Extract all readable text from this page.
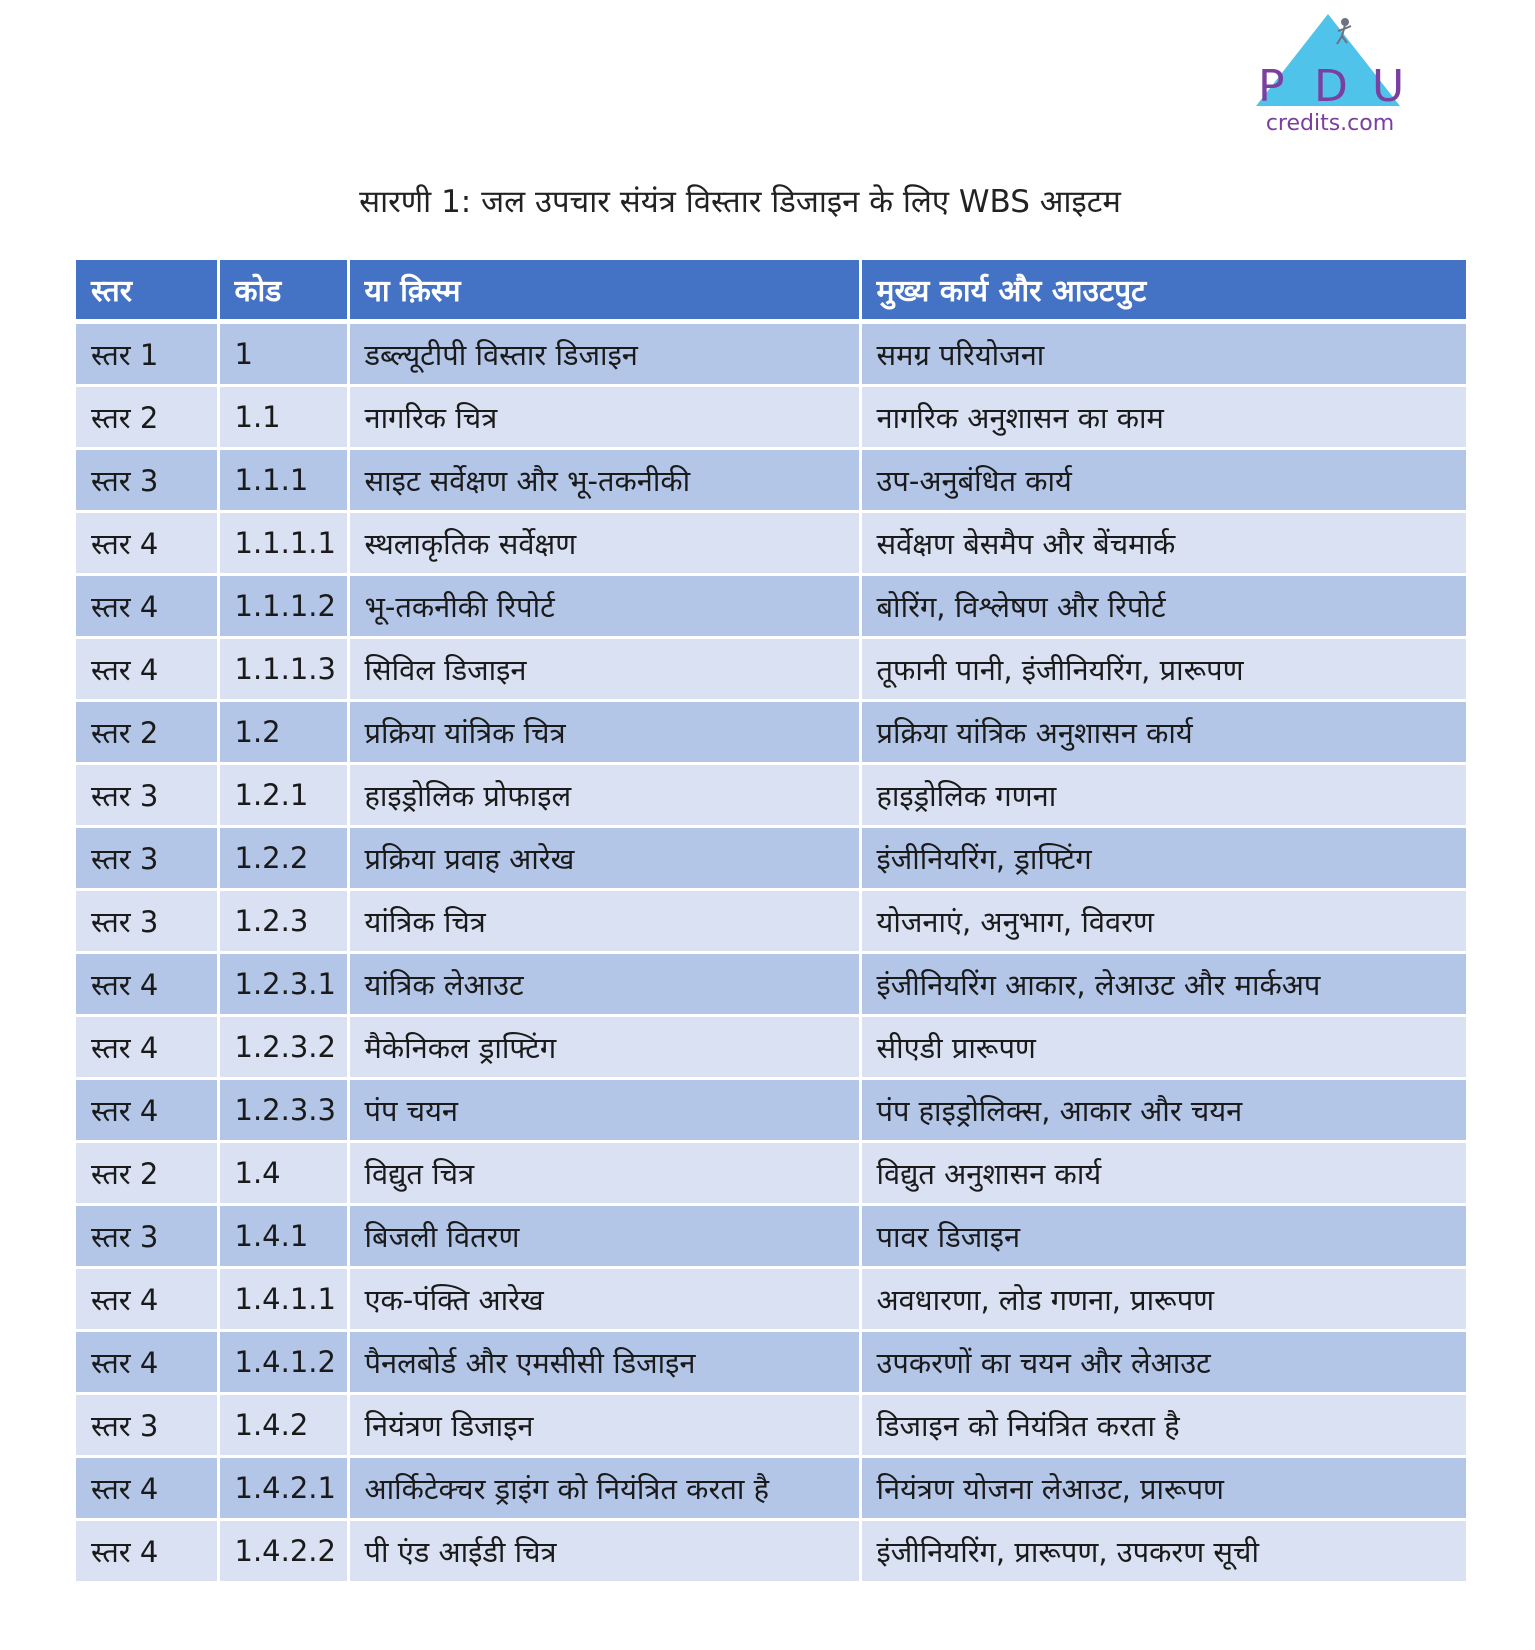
P D U
credits.com
सारणी 1: जल उपचार संयंत्र विस्तार डिजाइन के लिए WBS आइटम
स्तर	कोड	या क़िस्म	मुख्य कार्य और आउटपुट
स्तर 1	1	डब्ल्यूटीपी विस्तार डिजाइन	समग्र परियोजना
स्तर 2	1.1	नागरिक चित्र	नागरिक अनुशासन का काम
स्तर 3	1.1.1	साइट सर्वेक्षण और भू-तकनीकी	उप-अनुबंधित कार्य
स्तर 4	1.1.1.1	स्थलाकृतिक सर्वेक्षण	सर्वेक्षण बेसमैप और बेंचमार्क
स्तर 4	1.1.1.2	भू-तकनीकी रिपोर्ट	बोरिंग, विश्लेषण और रिपोर्ट
स्तर 4	1.1.1.3	सिविल डिजाइन	तूफानी पानी, इंजीनियरिंग, प्रारूपण
स्तर 2	1.2	प्रक्रिया यांत्रिक चित्र	प्रक्रिया यांत्रिक अनुशासन कार्य
स्तर 3	1.2.1	हाइड्रोलिक प्रोफाइल	हाइड्रोलिक गणना
स्तर 3	1.2.2	प्रक्रिया प्रवाह आरेख	इंजीनियरिंग, ड्राफ्टिंग
स्तर 3	1.2.3	यांत्रिक चित्र	योजनाएं, अनुभाग, विवरण
स्तर 4	1.2.3.1	यांत्रिक लेआउट	इंजीनियरिंग आकार, लेआउट और मार्कअप
स्तर 4	1.2.3.2	मैकेनिकल ड्राफ्टिंग	सीएडी प्रारूपण
स्तर 4	1.2.3.3	पंप चयन	पंप हाइड्रोलिक्स, आकार और चयन
स्तर 2	1.4	विद्युत चित्र	विद्युत अनुशासन कार्य
स्तर 3	1.4.1	बिजली वितरण	पावर डिजाइन
स्तर 4	1.4.1.1	एक-पंक्ति आरेख	अवधारणा, लोड गणना, प्रारूपण
स्तर 4	1.4.1.2	पैनलबोर्ड और एमसीसी डिजाइन	उपकरणों का चयन और लेआउट
स्तर 3	1.4.2	नियंत्रण डिजाइन	डिजाइन को नियंत्रित करता है
स्तर 4	1.4.2.1	आर्किटेक्चर ड्राइंग को नियंत्रित करता है	नियंत्रण योजना लेआउट, प्रारूपण
स्तर 4	1.4.2.2	पी एंड आईडी चित्र	इंजीनियरिंग, प्रारूपण, उपकरण सूची
